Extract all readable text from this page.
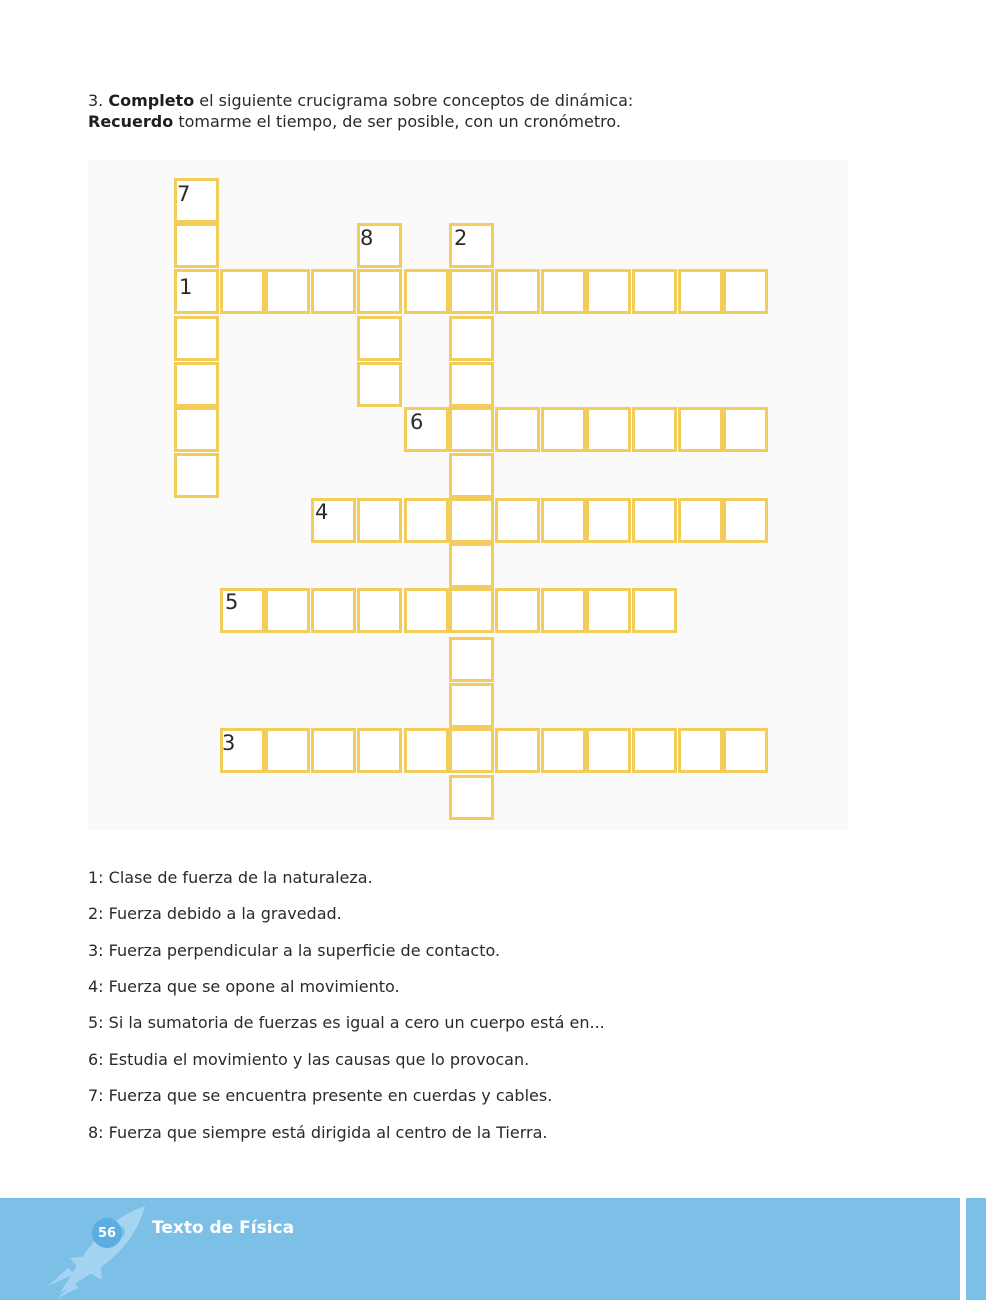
3. Completo el siguiente crucigrama sobre conceptos de dinámica:

Recuerdo tomarme el tiempo, de ser posible, con un cronómetro.

7
8	2
1
6
4
5
3
1: Clase de fuerza de la naturaleza.
2: Fuerza debido a la gravedad.
3: Fuerza perpendicular a la superficie de contacto.
4: Fuerza que se opone al movimiento.
5: Si la sumatoria de fuerzas es igual a cero un cuerpo está en...
6: Estudia el movimiento y las causas que lo provocan.
7: Fuerza que se encuentra presente en cuerdas y cables.
8: Fuerza que siempre está dirigida al centro de la Tierra.
56	Texto de Física
